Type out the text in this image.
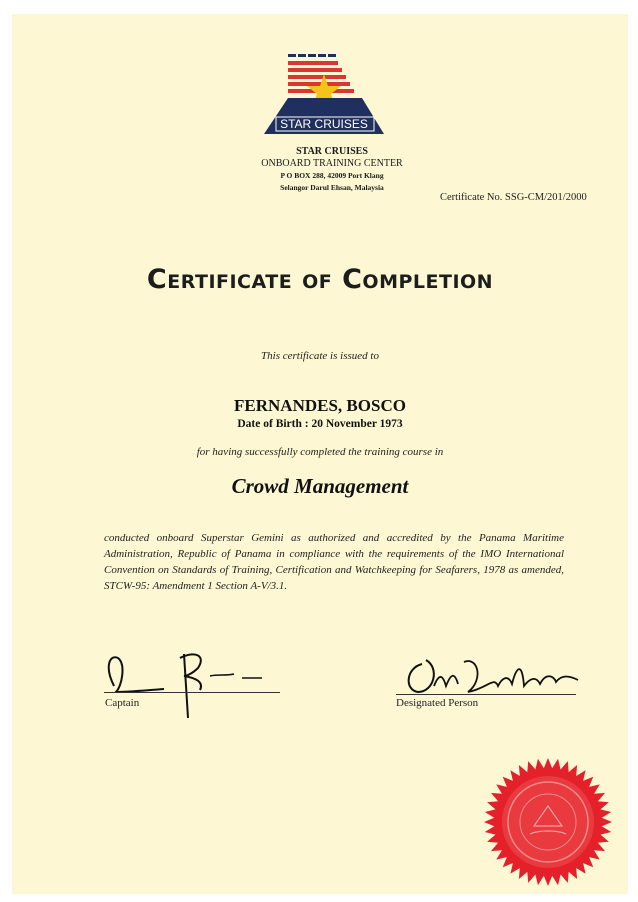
STAR CRUISES
STAR CRUISES
ONBOARD TRAINING CENTER
P O BOX 288, 42009 Port Klang
Selangor Darul Ehsan, Malaysia
Certificate No. SSG-CM/201/2000
Certificate of Completion
This certificate is issued to
FERNANDES, BOSCO
Date of Birth : 20 November 1973
for having successfully completed the training course in
Crowd Management
conducted onboard Superstar Gemini as authorized and accredited by the Panama Maritime Administration, Republic of Panama in compliance with the requirements of the IMO International Convention on Standards of Training, Certification and Watchkeeping for Seafarers, 1978 as amended, STCW-95: Amendment 1 Section A-V/3.1.
Captain	Designated Person
